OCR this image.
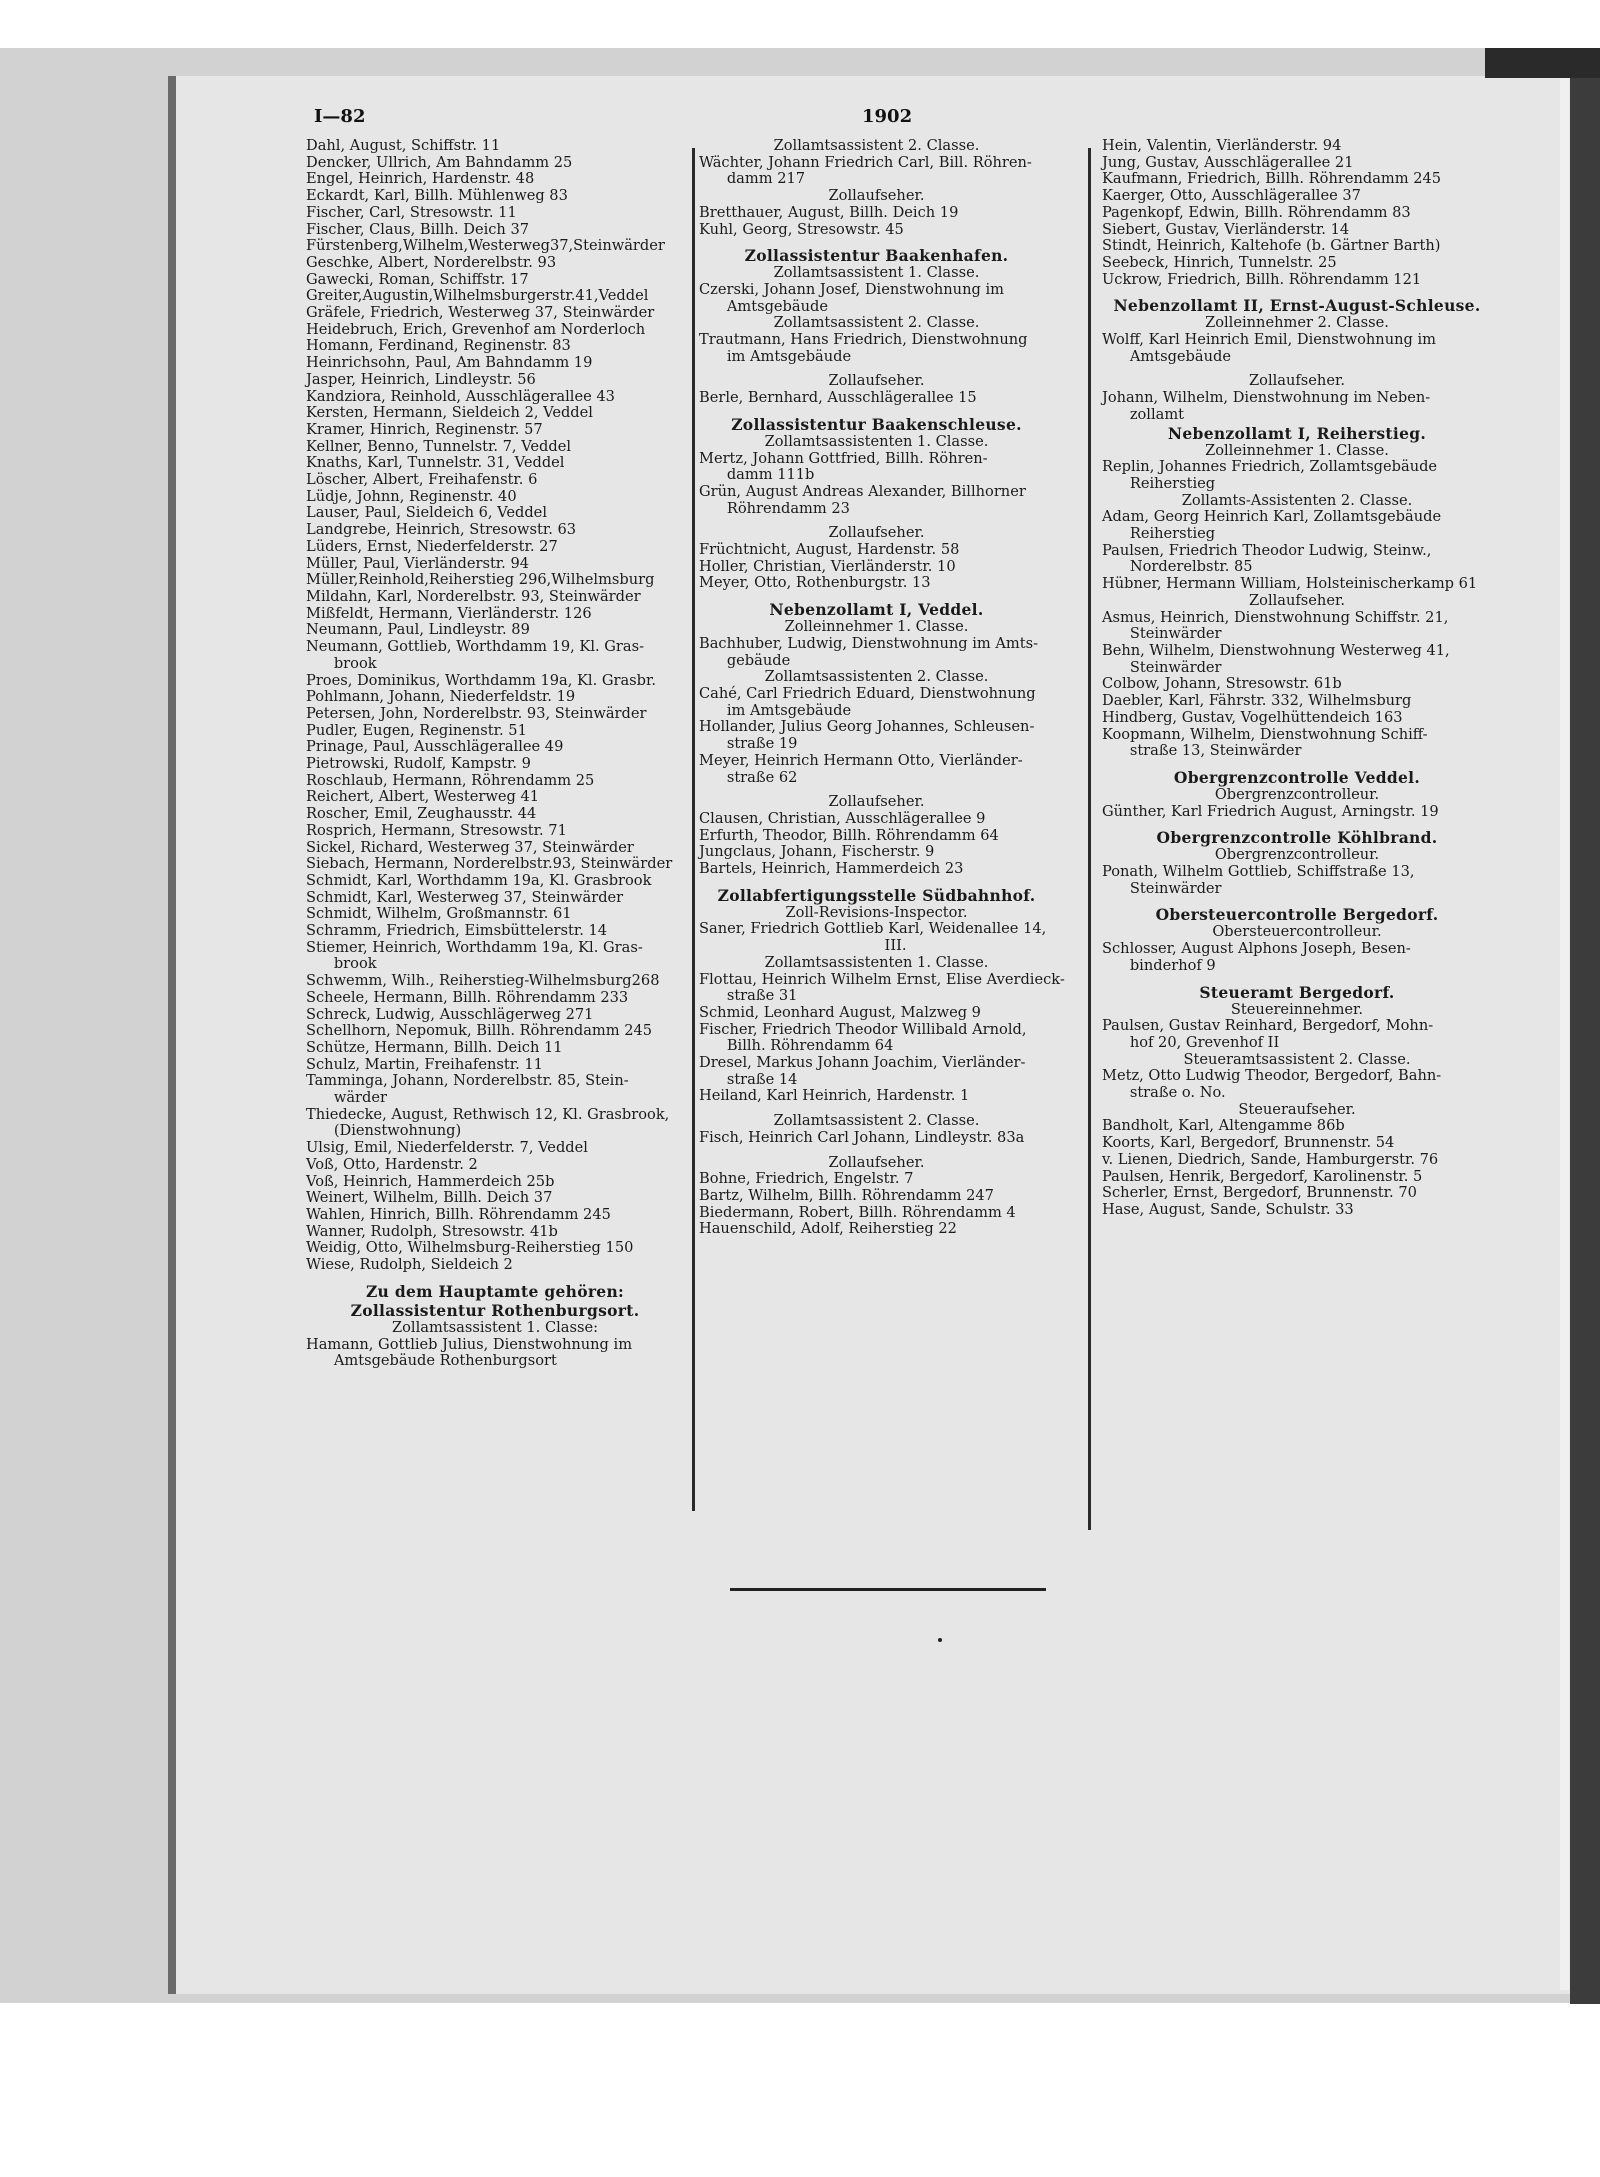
I—82	1902
Dahl, August, Schiffstr. 11
Dencker, Ullrich, Am Bahndamm 25
Engel, Heinrich, Hardenstr. 48
Eckardt, Karl, Billh. Mühlenweg 83
Fischer, Carl, Stresowstr. 11
Fischer, Claus, Billh. Deich 37
Fürstenberg,Wilhelm,Westerweg37,Steinwärder
Geschke, Albert, Norderelbstr. 93
Gawecki, Roman, Schiffstr. 17
Greiter,Augustin,Wilhelmsburgerstr.41,Veddel
Gräfele, Friedrich, Westerweg 37, Steinwärder
Heidebruch, Erich, Grevenhof am Norderloch
Homann, Ferdinand, Reginenstr. 83
Heinrichsohn, Paul, Am Bahndamm 19
Jasper, Heinrich, Lindleystr. 56
Kandziora, Reinhold, Ausschlägerallee 43
Kersten, Hermann, Sieldeich 2, Veddel
Kramer, Hinrich, Reginenstr. 57
Kellner, Benno, Tunnelstr. 7, Veddel
Knaths, Karl, Tunnelstr. 31, Veddel
Löscher, Albert, Freihafenstr. 6
Lüdje, Johnn, Reginenstr. 40
Lauser, Paul, Sieldeich 6, Veddel
Landgrebe, Heinrich, Stresowstr. 63
Lüders, Ernst, Niederfelderstr. 27
Müller, Paul, Vierländerstr. 94
Müller,Reinhold,Reiherstieg 296,Wilhelmsburg
Mildahn, Karl, Norderelbstr. 93, Steinwärder
Mißfeldt, Hermann, Vierländerstr. 126
Neumann, Paul, Lindleystr. 89
Neumann, Gottlieb, Worthdamm 19, Kl. Gras-
brook
Proes, Dominikus, Worthdamm 19a, Kl. Grasbr.
Pohlmann, Johann, Niederfeldstr. 19
Petersen, John, Norderelbstr. 93, Steinwärder
Pudler, Eugen, Reginenstr. 51
Prinage, Paul, Ausschlägerallee 49
Pietrowski, Rudolf, Kampstr. 9
Roschlaub, Hermann, Röhrendamm 25
Reichert, Albert, Westerweg 41
Roscher, Emil, Zeughausstr. 44
Rosprich, Hermann, Stresowstr. 71
Sickel, Richard, Westerweg 37, Steinwärder
Siebach, Hermann, Norderelbstr.93, Steinwärder
Schmidt, Karl, Worthdamm 19a, Kl. Grasbrook
Schmidt, Karl, Westerweg 37, Steinwärder
Schmidt, Wilhelm, Großmannstr. 61
Schramm, Friedrich, Eimsbüttelerstr. 14
Stiemer, Heinrich, Worthdamm 19a, Kl. Gras-
brook
Schwemm, Wilh., Reiherstieg-Wilhelmsburg268
Scheele, Hermann, Billh. Röhrendamm 233
Schreck, Ludwig, Ausschlägerweg 271
Schellhorn, Nepomuk, Billh. Röhrendamm 245
Schütze, Hermann, Billh. Deich 11
Schulz, Martin, Freihafenstr. 11
Tamminga, Johann, Norderelbstr. 85, Stein-
wärder
Thiedecke, August, Rethwisch 12, Kl. Grasbrook,
(Dienstwohnung)
Ulsig, Emil, Niederfelderstr. 7, Veddel
Voß, Otto, Hardenstr. 2
Voß, Heinrich, Hammerdeich 25b
Weinert, Wilhelm, Billh. Deich 37
Wahlen, Hinrich, Billh. Röhrendamm 245
Wanner, Rudolph, Stresowstr. 41b
Weidig, Otto, Wilhelmsburg-Reiherstieg 150
Wiese, Rudolph, Sieldeich 2
Zu dem Hauptamte gehören:
Zollassistentur Rothenburgsort.
Zollamtsassistent 1. Classe:
Hamann, Gottlieb Julius, Dienstwohnung im
Amtsgebäude Rothenburgsort
Zollamtsassistent 2. Classe.
Wächter, Johann Friedrich Carl, Bill. Röhren-
damm 217
Zollaufseher.
Bretthauer, August, Billh. Deich 19
Kuhl, Georg, Stresowstr. 45
Zollassistentur Baakenhafen.
Zollamtsassistent 1. Classe.
Czerski, Johann Josef, Dienstwohnung im
Amtsgebäude
Zollamtsassistent 2. Classe.
Trautmann, Hans Friedrich, Dienstwohnung
im Amtsgebäude
Zollaufseher.
Berle, Bernhard, Ausschlägerallee 15
Zollassistentur Baakenschleuse.
Zollamtsassistenten 1. Classe.
Mertz, Johann Gottfried, Billh. Röhren-
damm 111b
Grün, August Andreas Alexander, Billhorner
Röhrendamm 23
Zollaufseher.
Früchtnicht, August, Hardenstr. 58
Holler, Christian, Vierländerstr. 10
Meyer, Otto, Rothenburgstr. 13
Nebenzollamt I, Veddel.
Zolleinnehmer 1. Classe.
Bachhuber, Ludwig, Dienstwohnung im Amts-
gebäude
Zollamtsassistenten 2. Classe.
Cahé, Carl Friedrich Eduard, Dienstwohnung
im Amtsgebäude
Hollander, Julius Georg Johannes, Schleusen-
straße 19
Meyer, Heinrich Hermann Otto, Vierländer-
straße 62
Zollaufseher.
Clausen, Christian, Ausschlägerallee 9
Erfurth, Theodor, Billh. Röhrendamm 64
Jungclaus, Johann, Fischerstr. 9
Bartels, Heinrich, Hammerdeich 23
Zollabfertigungsstelle Südbahnhof.
Zoll-Revisions-Inspector.
Saner, Friedrich Gottlieb Karl, Weidenallee 14,
III.
Zollamtsassistenten 1. Classe.
Flottau, Heinrich Wilhelm Ernst, Elise Averdieck-
straße 31
Schmid, Leonhard August, Malzweg 9
Fischer, Friedrich Theodor Willibald Arnold,
Billh. Röhrendamm 64
Dresel, Markus Johann Joachim, Vierländer-
straße 14
Heiland, Karl Heinrich, Hardenstr. 1
Zollamtsassistent 2. Classe.
Fisch, Heinrich Carl Johann, Lindleystr. 83a
Zollaufseher.
Bohne, Friedrich, Engelstr. 7
Bartz, Wilhelm, Billh. Röhrendamm 247
Biedermann, Robert, Billh. Röhrendamm 4
Hauenschild, Adolf, Reiherstieg 22
Hein, Valentin, Vierländerstr. 94
Jung, Gustav, Ausschlägerallee 21
Kaufmann, Friedrich, Billh. Röhrendamm 245
Kaerger, Otto, Ausschlägerallee 37
Pagenkopf, Edwin, Billh. Röhrendamm 83
Siebert, Gustav, Vierländerstr. 14
Stindt, Heinrich, Kaltehofe (b. Gärtner Barth)
Seebeck, Hinrich, Tunnelstr. 25
Uckrow, Friedrich, Billh. Röhrendamm 121
Nebenzollamt II, Ernst-August-Schleuse.
Zolleinnehmer 2. Classe.
Wolff, Karl Heinrich Emil, Dienstwohnung im
Amtsgebäude
Zollaufseher.
Johann, Wilhelm, Dienstwohnung im Neben-
zollamt
Nebenzollamt I, Reiherstieg.
Zolleinnehmer 1. Classe.
Replin, Johannes Friedrich, Zollamtsgebäude
Reiherstieg
Zollamts-Assistenten 2. Classe.
Adam, Georg Heinrich Karl, Zollamtsgebäude
Reiherstieg
Paulsen, Friedrich Theodor Ludwig, Steinw.,
Norderelbstr. 85
Hübner, Hermann William, Holsteinischerkamp 61
Zollaufseher.
Asmus, Heinrich, Dienstwohnung Schiffstr. 21,
Steinwärder
Behn, Wilhelm, Dienstwohnung Westerweg 41,
Steinwärder
Colbow, Johann, Stresowstr. 61b
Daebler, Karl, Fährstr. 332, Wilhelmsburg
Hindberg, Gustav, Vogelhüttendeich 163
Koopmann, Wilhelm, Dienstwohnung Schiff-
straße 13, Steinwärder
Obergrenzcontrolle Veddel.
Obergrenzcontrolleur.
Günther, Karl Friedrich August, Arningstr. 19
Obergrenzcontrolle Köhlbrand.
Obergrenzcontrolleur.
Ponath, Wilhelm Gottlieb, Schiffstraße 13,
Steinwärder
Obersteuercontrolle Bergedorf.
Obersteuercontrolleur.
Schlosser, August Alphons Joseph, Besen-
binderhof 9
Steueramt Bergedorf.
Steuereinnehmer.
Paulsen, Gustav Reinhard, Bergedorf, Mohn-
hof 20, Grevenhof II
Steueramtsassistent 2. Classe.
Metz, Otto Ludwig Theodor, Bergedorf, Bahn-
straße o. No.
Steueraufseher.
Bandholt, Karl, Altengamme 86b
Koorts, Karl, Bergedorf, Brunnenstr. 54
v. Lienen, Diedrich, Sande, Hamburgerstr. 76
Paulsen, Henrik, Bergedorf, Karolinenstr. 5
Scherler, Ernst, Bergedorf, Brunnenstr. 70
Hase, August, Sande, Schulstr. 33
